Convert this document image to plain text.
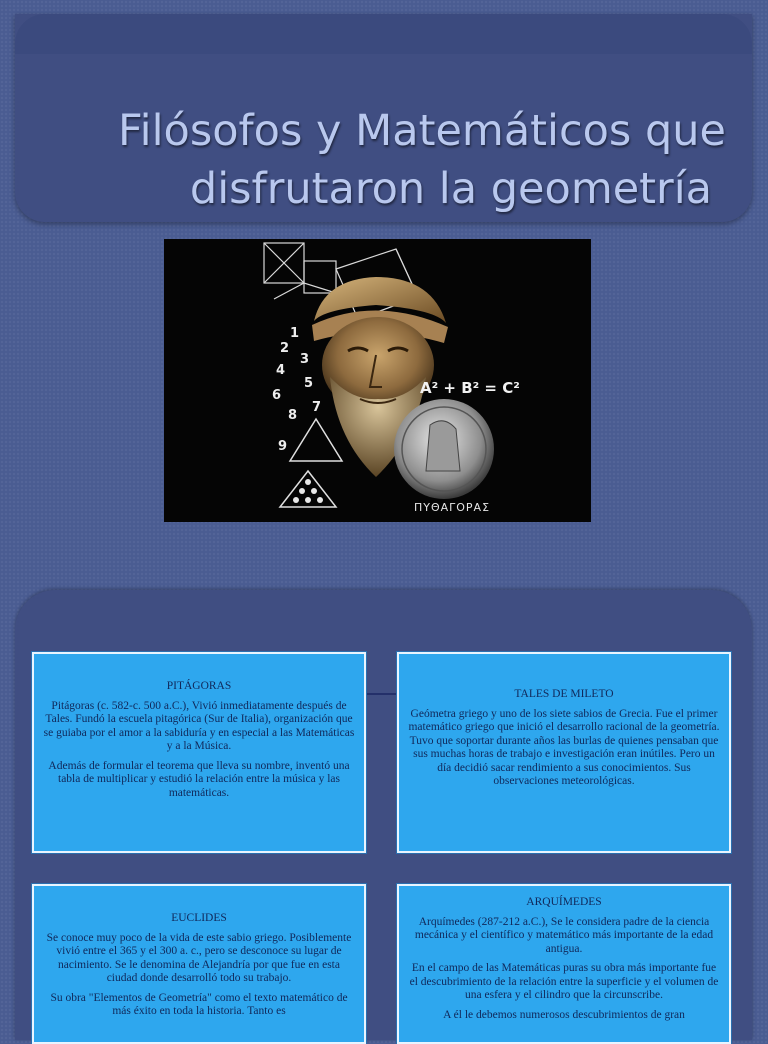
Filósofos y Matemáticos que
disfrutaron la geometría
1
2
3
4
5
6
7
8
9
A² + B² = C²
ΠΥΘΑΓΟΡΑΣ
PITÁGORAS

Pitágoras (c. 582-c. 500 a.C.), Vivió inmediatamente después de Tales. Fundó la escuela pitagórica (Sur de Italia), organización que se guiaba por el amor a la sabiduría y en especial a las Matemáticas y a la Música.

Además de formular el teorema que lleva su nombre, inventó una tabla de multiplicar y estudió la relación entre la música y las matemáticas.

TALES DE MILETO

Geómetra griego y uno de los siete sabios de Grecia. Fue el primer matemático griego que inició el desarrollo racional de la geometría.

Tuvo que soportar durante años las burlas de quienes pensaban que sus muchas horas de trabajo e investigación eran inútiles. Pero un día decidió sacar rendimiento a sus conocimientos. Sus observaciones meteorológicas.

EUCLIDES

Se conoce muy poco de la vida de este sabio griego. Posiblemente vivió entre el 365 y el 300 a. c., pero se desconoce su lugar de nacimiento. Se le denomina de Alejandría por que fue en esta ciudad donde desarrolló todo su trabajo.

Su obra "Elementos de Geometría" como el texto matemático de más éxito en toda la historia. Tanto es

ARQUÍMEDES

Arquímedes (287-212 a.C.), Se le considera padre de la ciencia mecánica y el científico y matemático más importante de la edad antigua.

En el campo de las Matemáticas puras su obra más importante fue el descubrimiento de la relación entre la superficie y el volumen de una esfera y el cilindro que la circunscribe.

A él le debemos numerosos descubrimientos de gran
